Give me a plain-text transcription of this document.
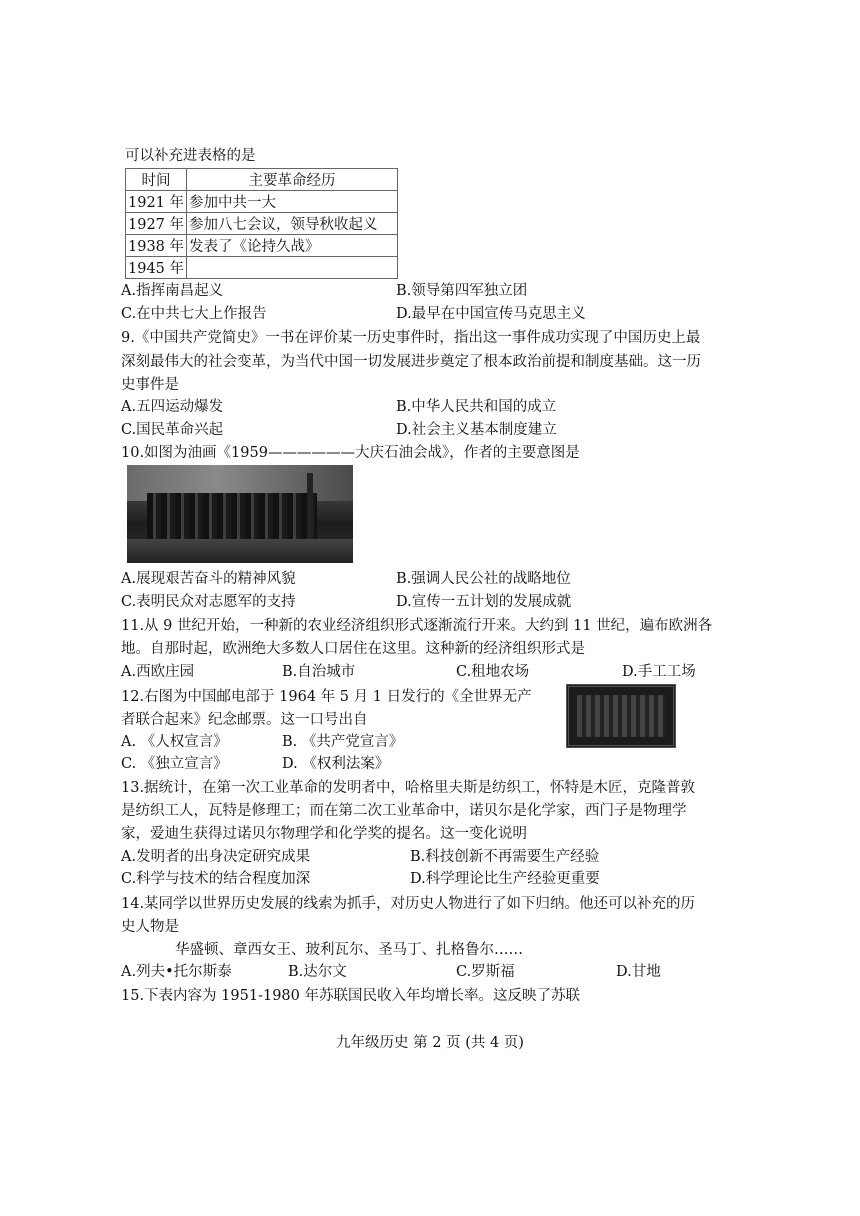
可以补充进表格的是
时间	主要革命经历
1921 年	参加中共一大
1927 年	参加八七会议，领导秋收起义
1938 年	发表了《论持久战》
1945 年	
A.指挥南昌起义	B.领导第四军独立团
C.在中共七大上作报告	D.最早在中国宣传马克思主义
9.《中国共产党简史》一书在评价某一历史事件时，指出这一事件成功实现了中国历史上最
深刻最伟大的社会变革，为当代中国一切发展进步奠定了根本政治前提和制度基础。这一历
史事件是
A.五四运动爆发	B.中华人民共和国的成立
C.国民革命兴起	D.社会主义基本制度建立
10.如图为油画《1959——————大庆石油会战》，作者的主要意图是
A.展现艰苦奋斗的精神风貌	B.强调人民公社的战略地位
C.表明民众对志愿军的支持	D.宣传一五计划的发展成就
11.从 9 世纪开始，一种新的农业经济组织形式逐渐流行开来。大约到 11 世纪，遍布欧洲各
地。自那时起，欧洲绝大多数人口居住在这里。这种新的经济组织形式是
A.西欧庄园	B.自治城市	C.租地农场	D.手工工场
12.右图为中国邮电部于 1964 年 5 月 1 日发行的《全世界无产
者联合起来》纪念邮票。这一口号出自
A. 《人权宣言》	B. 《共产党宣言》
C. 《独立宣言》	D. 《权利法案》
13.据统计，在第一次工业革命的发明者中，哈格里夫斯是纺织工，怀特是木匠，克隆普敦
是纺织工人，瓦特是修理工；而在第二次工业革命中，诺贝尔是化学家，西门子是物理学
家，爱迪生获得过诺贝尔物理学和化学奖的提名。这一变化说明
A.发明者的出身决定研究成果	B.科技创新不再需要生产经验
C.科学与技术的结合程度加深	D.科学理论比生产经验更重要
14.某同学以世界历史发展的线索为抓手，对历史人物进行了如下归纳。他还可以补充的历
史人物是
华盛顿、章西女王、玻利瓦尔、圣马丁、扎格鲁尔……
A.列夫•托尔斯泰	B.达尔文	C.罗斯福	D.甘地
15.下表内容为 1951-1980 年苏联国民收入年均增长率。这反映了苏联
九年级历史 第 2 页 (共 4 页)
